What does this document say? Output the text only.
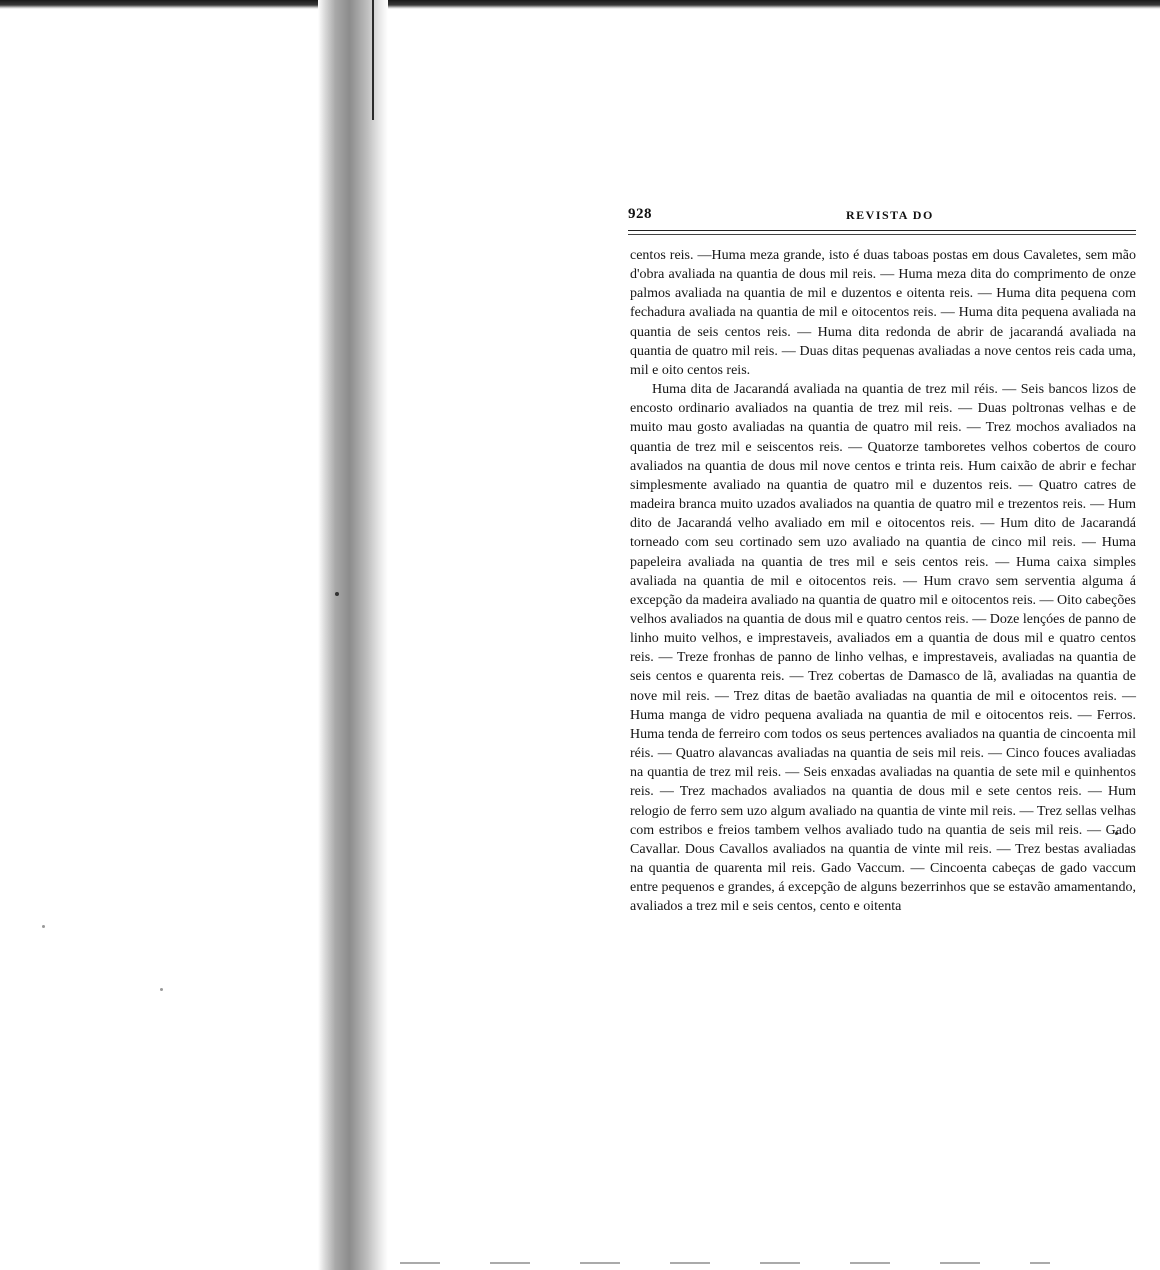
928	REVISTA DO

centos reis. —Huma meza grande, isto é duas taboas postas em dous Cavaletes, sem mão d'obra avaliada na quantia de dous mil reis. — Huma meza dita do comprimento de onze palmos avaliada na quantia de mil e duzentos e oitenta reis. — Huma dita pequena com fechadura avaliada na quantia de mil e oitocentos reis. — Huma dita pequena avaliada na quantia de seis centos reis. — Huma dita redonda de abrir de jacarandá avaliada na quantia de quatro mil reis. — Duas ditas pequenas avaliadas a nove centos reis cada uma, mil e oito centos reis.

Huma dita de Jacarandá avaliada na quantia de trez mil réis. — Seis bancos lizos de encosto ordinario avaliados na quantia de trez mil reis. — Duas poltronas velhas e de muito mau gosto avaliadas na quantia de quatro mil reis. — Trez mochos avaliados na quantia de trez mil e seiscentos reis. — Quatorze tamboretes velhos cobertos de couro avaliados na quantia de dous mil nove centos e trinta reis. Hum caixão de abrir e fechar simplesmente avaliado na quantia de quatro mil e duzentos reis. — Quatro catres de madeira branca muito uzados avaliados na quantia de quatro mil e trezentos reis. — Hum dito de Jacarandá velho avaliado em mil e oitocentos reis. — Hum dito de Jacarandá torneado com seu cortinado sem uzo avaliado na quantia de cinco mil reis. — Huma papeleira avaliada na quantia de tres mil e seis centos reis. — Huma caixa simples avaliada na quantia de mil e oitocentos reis. — Hum cravo sem serventia alguma á excepção da madeira avaliado na quantia de quatro mil e oitocentos reis. — Oito cabeções velhos avaliados na quantia de dous mil e quatro centos reis. — Doze lençóes de panno de linho muito velhos, e imprestaveis, avaliados em a quantia de dous mil e quatro centos reis. — Treze fronhas de panno de linho velhas, e imprestaveis, avaliadas na quantia de seis centos e quarenta reis. — Trez cobertas de Damasco de lã, avaliadas na quantia de nove mil reis. — Trez ditas de baetão avaliadas na quantia de mil e oitocentos reis. — Huma manga de vidro pequena avaliada na quantia de mil e oitocentos reis. — Ferros. Huma tenda de ferreiro com todos os seus pertences avaliados na quantia de cincoenta mil réis. — Quatro alavancas avaliadas na quantia de seis mil reis. — Cinco fouces avaliadas na quantia de trez mil reis. — Seis enxadas avaliadas na quantia de sete mil e quinhentos reis. — Trez machados avaliados na quantia de dous mil e sete centos reis. — Hum relogio de ferro sem uzo algum avaliado na quantia de vinte mil reis. — Trez sellas velhas com estribos e freios tambem velhos avaliado tudo na quantia de seis mil reis. — Gado Cavallar. Dous Cavallos avaliados na quantia de vinte mil reis. — Trez bestas avaliadas na quantia de quarenta mil reis. Gado Vaccum. — Cincoenta cabeças de gado vaccum entre pequenos e grandes, á excepção de alguns bezerrinhos que se estavão amamentando, avaliados a trez mil e seis centos, cento e oitenta
